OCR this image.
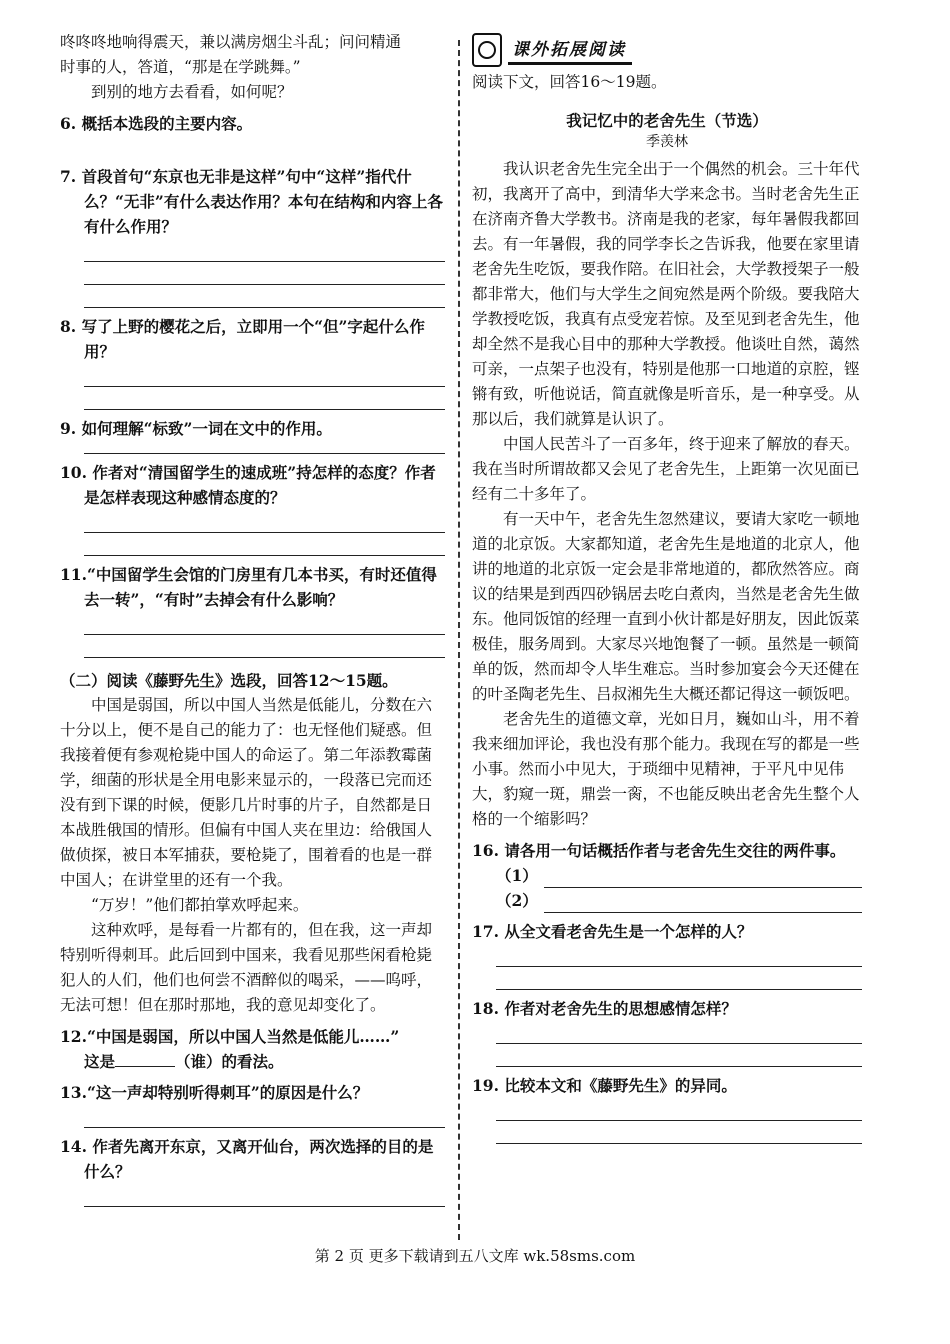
咚咚咚地响得震天，兼以满房烟尘斗乱；问问精通

时事的人，答道，“那是在学跳舞。”

到别的地方去看看，如何呢？

6. 概括本选段的主要内容。

7. 首段首句“东京也无非是这样”句中“这样”指代什么？“无非”有什么表达作用？本句在结构和内容上各有什么作用？

8. 写了上野的樱花之后，立即用一个“但”字起什么作用？

9. 如何理解“标致”一词在文中的作用。

10. 作者对“清国留学生的速成班”持怎样的态度？作者是怎样表现这种感情态度的？

11.“中国留学生会馆的门房里有几本书买，有时还值得去一转”，“有时”去掉会有什么影响？

（二）阅读《藤野先生》选段，回答12～15题。

中国是弱国，所以中国人当然是低能儿，分数在六十分以上，便不是自己的能力了：也无怪他们疑惑。但我接着便有参观枪毙中国人的命运了。第二年添教霉菌学，细菌的形状是全用电影来显示的，一段落已完而还没有到下课的时候，便影几片时事的片子，自然都是日本战胜俄国的情形。但偏有中国人夹在里边：给俄国人做侦探，被日本军捕获，要枪毙了，围着看的也是一群中国人；在讲堂里的还有一个我。

“万岁！”他们都拍掌欢呼起来。

这种欢呼，是每看一片都有的，但在我，这一声却特别听得刺耳。此后回到中国来，我看见那些闲看枪毙犯人的人们，他们也何尝不酒醉似的喝采，——呜呼，无法可想！但在那时那地，我的意见却变化了。

12.“中国是弱国，所以中国人当然是低能儿……”

这是	（谁）的看法。

13.“这一声却特别听得刺耳”的原因是什么？

14. 作者先离开东京，又离开仙台，两次选择的目的是什么？

课外拓展阅读

阅读下文，回答16～19题。

我记忆中的老舍先生（节选）

季羡林

我认识老舍先生完全出于一个偶然的机会。三十年代初，我离开了高中，到清华大学来念书。当时老舍先生正在济南齐鲁大学教书。济南是我的老家，每年暑假我都回去。有一年暑假，我的同学李长之告诉我，他要在家里请老舍先生吃饭，要我作陪。在旧社会，大学教授架子一般都非常大，他们与大学生之间宛然是两个阶级。要我陪大学教授吃饭，我真有点受宠若惊。及至见到老舍先生，他却全然不是我心目中的那种大学教授。他谈吐自然，蔼然可亲，一点架子也没有，特别是他那一口地道的京腔，铿锵有致，听他说话，简直就像是听音乐，是一种享受。从那以后，我们就算是认识了。

中国人民苦斗了一百多年，终于迎来了解放的春天。我在当时所谓故都又会见了老舍先生，上距第一次见面已经有二十多年了。

有一天中午，老舍先生忽然建议，要请大家吃一顿地道的北京饭。大家都知道，老舍先生是地道的北京人，他讲的地道的北京饭一定会是非常地道的，都欣然答应。商议的结果是到西四砂锅居去吃白煮肉，当然是老舍先生做东。他同饭馆的经理一直到小伙计都是好朋友，因此饭菜极佳，服务周到。大家尽兴地饱餐了一顿。虽然是一顿简单的饭，然而却令人毕生难忘。当时参加宴会今天还健在的叶圣陶老先生、吕叔湘先生大概还都记得这一顿饭吧。

老舍先生的道德文章，光如日月，巍如山斗，用不着我来细加评论，我也没有那个能力。我现在写的都是一些小事。然而小中见大，于琐细中见精神，于平凡中见伟大，豹窥一斑，鼎尝一脔，不也能反映出老舍先生整个人格的一个缩影吗？

16. 请各用一句话概括作者与老舍先生交往的两件事。

（1）
（2）

17. 从全文看老舍先生是一个怎样的人？

18. 作者对老舍先生的思想感情怎样？

19. 比较本文和《藤野先生》的异同。

第 2 页 更多下载请到五八文库 wk.58sms.com
